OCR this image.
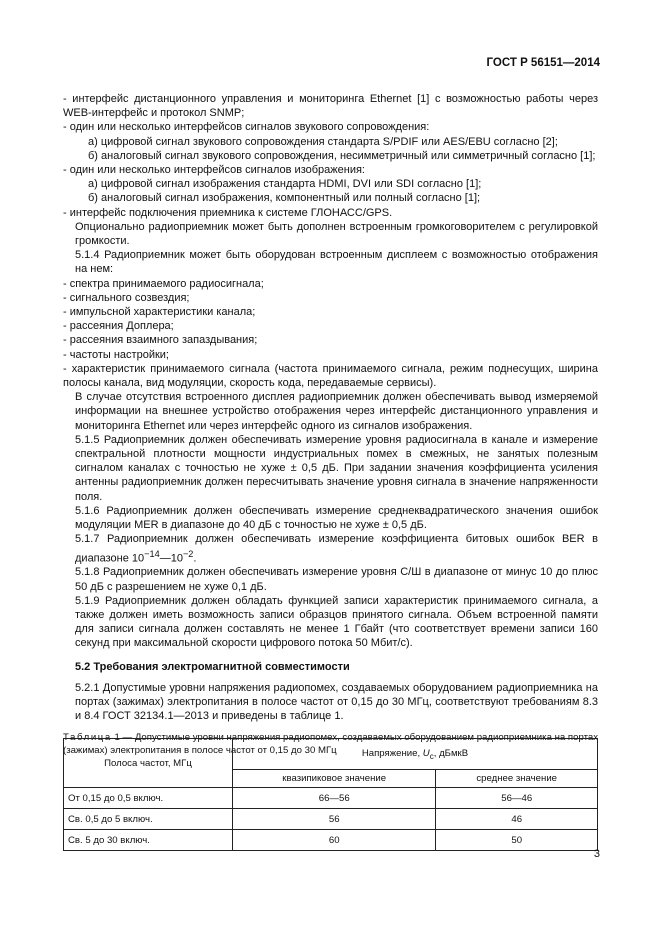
ГОСТ Р 56151—2014

- интерфейс дистанционного управления и мониторинга Ethernet [1] с возможностью работы через WEB-интерфейс и протокол SNMP;

- один или несколько интерфейсов сигналов звукового сопровождения:

а) цифровой сигнал звукового сопровождения стандарта S/PDIF или AES/EBU согласно [2];

б) аналоговый сигнал звукового сопровождения, несимметричный или симметричный согласно [1];

- один или несколько интерфейсов сигналов изображения:

а) цифровой сигнал изображения стандарта HDMI, DVI или SDI согласно [1];

б) аналоговый сигнал изображения, компонентный или полный согласно [1];

- интерфейс подключения приемника к системе ГЛОНАСС/GPS.

Опционально радиоприемник может быть дополнен встроенным громкоговорителем с регулировкой громкости.

5.1.4 Радиоприемник может быть оборудован встроенным дисплеем с возможностью отображения на нем:

- спектра принимаемого радиосигнала;

- сигнального созвездия;

- импульсной характеристики канала;

- рассеяния Доплера;

- рассеяния взаимного запаздывания;

- частоты настройки;

- характеристик принимаемого сигнала (частота принимаемого сигнала, режим поднесущих, ширина полосы канала, вид модуляции, скорость кода, передаваемые сервисы).

В случае отсутствия встроенного дисплея радиоприемник должен обеспечивать вывод измеряемой информации на внешнее устройство отображения через интерфейс дистанционного управления и мониторинга Ethernet или через интерфейс одного из сигналов изображения.

5.1.5 Радиоприемник должен обеспечивать измерение уровня радиосигнала в канале и измерение спектральной плотности мощности индустриальных помех в смежных, не занятых полезным сигналом каналах с точностью не хуже ± 0,5 дБ. При задании значения коэффициента усиления антенны радиоприемник должен пересчитывать значение уровня сигнала в значение напряженности поля.

5.1.6 Радиоприемник должен обеспечивать измерение среднеквадратического значения ошибок модуляции MER в диапазоне до 40 дБ с точностью не хуже ± 0,5 дБ.

5.1.7 Радиоприемник должен обеспечивать измерение коэффициента битовых ошибок BER в диапазоне $10^{-14}—10^{-2}$.

5.1.8 Радиоприемник должен обеспечивать измерение уровня С/Ш в диапазоне от минус 10 до плюс 50 дБ с разрешением не хуже 0,1 дБ.

5.1.9 Радиоприемник должен обладать функцией записи характеристик принимаемого сигнала, а также должен иметь возможность записи образцов принятого сигнала. Объем встроенной памяти для записи сигнала должен составлять не менее 1 Гбайт (что соответствует времени записи 160 секунд при максимальной скорости цифрового потока 50 Мбит/с).

5.2 Требования электромагнитной совместимости

5.2.1 Допустимые уровни напряжения радиопомех, создаваемых оборудованием радиоприемника на портах (зажимах) электропитания в полосе частот от 0,15 до 30 МГц, соответствуют требованиям 8.3 и 8.4 ГОСТ 32134.1—2013 и приведены в таблице 1.

Таблица 1 — Допустимые уровни напряжения радиопомех, создаваемых оборудованием радиоприемника на портах (зажимах) электропитания в полосе частот от 0,15 до 30 МГц

Полоса частот, МГц	Напряжение, $U_с$, дБмкВ	
	квазипиковое значение	среднее значение
От 0,15 до 0,5 включ.	66—56	56—46
Св. 0,5 до 5 включ.	56	46
Св. 5 до 30 включ.	60	50
3
